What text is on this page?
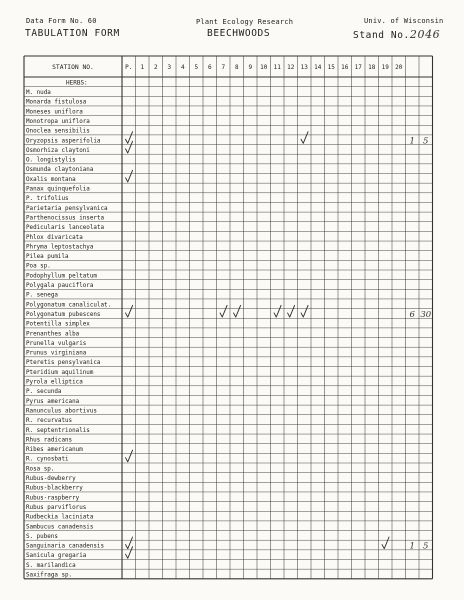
Data Form No. 60
TABULATION FORM
Plant Ecology Research
BEECHWOODS
Univ. of Wisconsin
Stand No.2046
STATION NO.	P. 1 2 3 4 5 6 7 8 9 10 11 12 13 14 15 16 17 18 19 20
HERBS:
M. nuda
Monarda fistulosa
Moneses uniflora
Monotropa uniflora
Onoclea sensibilis
Oryzopsis asperifolia
Osmorhiza claytoni
O. longistylis
Osmunda claytoniana
Oxalis montana
Panax quinquefolia
P. trifolius
Parietaria pensylvanica
Parthenocissus inserta
Pedicularis lanceolata
Phlox divaricata
Phryma leptostachya
Pilea pumila
Poa sp.
Podophyllum peltatum
Polygala pauciflora
P. senega
Polygonatum canaliculat.
Polygonatum pubescens
Potentilla simplex
Prenanthes alba
Prunella vulgaris
Prunus virginiana
Pteretis pensylvanica
Pteridium aquilinum
Pyrola elliptica
P. secunda
Pyrus americana
Ranunculus abortivus
R. recurvatus
R. septentrionalis
Rhus radicans
Ribes americanum
R. cynosbati
Rosa sp.
Rubus-dewberry
Rubus-blackberry
Rubus-raspberry
Rubus parviflorus
Rudbeckia laciniata
Sambucus canadensis
S. pubens
Sanguinaria canadensis
Sanicula gregaria
S. marilandica
Saxifraga sp.
1 5
6 30
1 5
